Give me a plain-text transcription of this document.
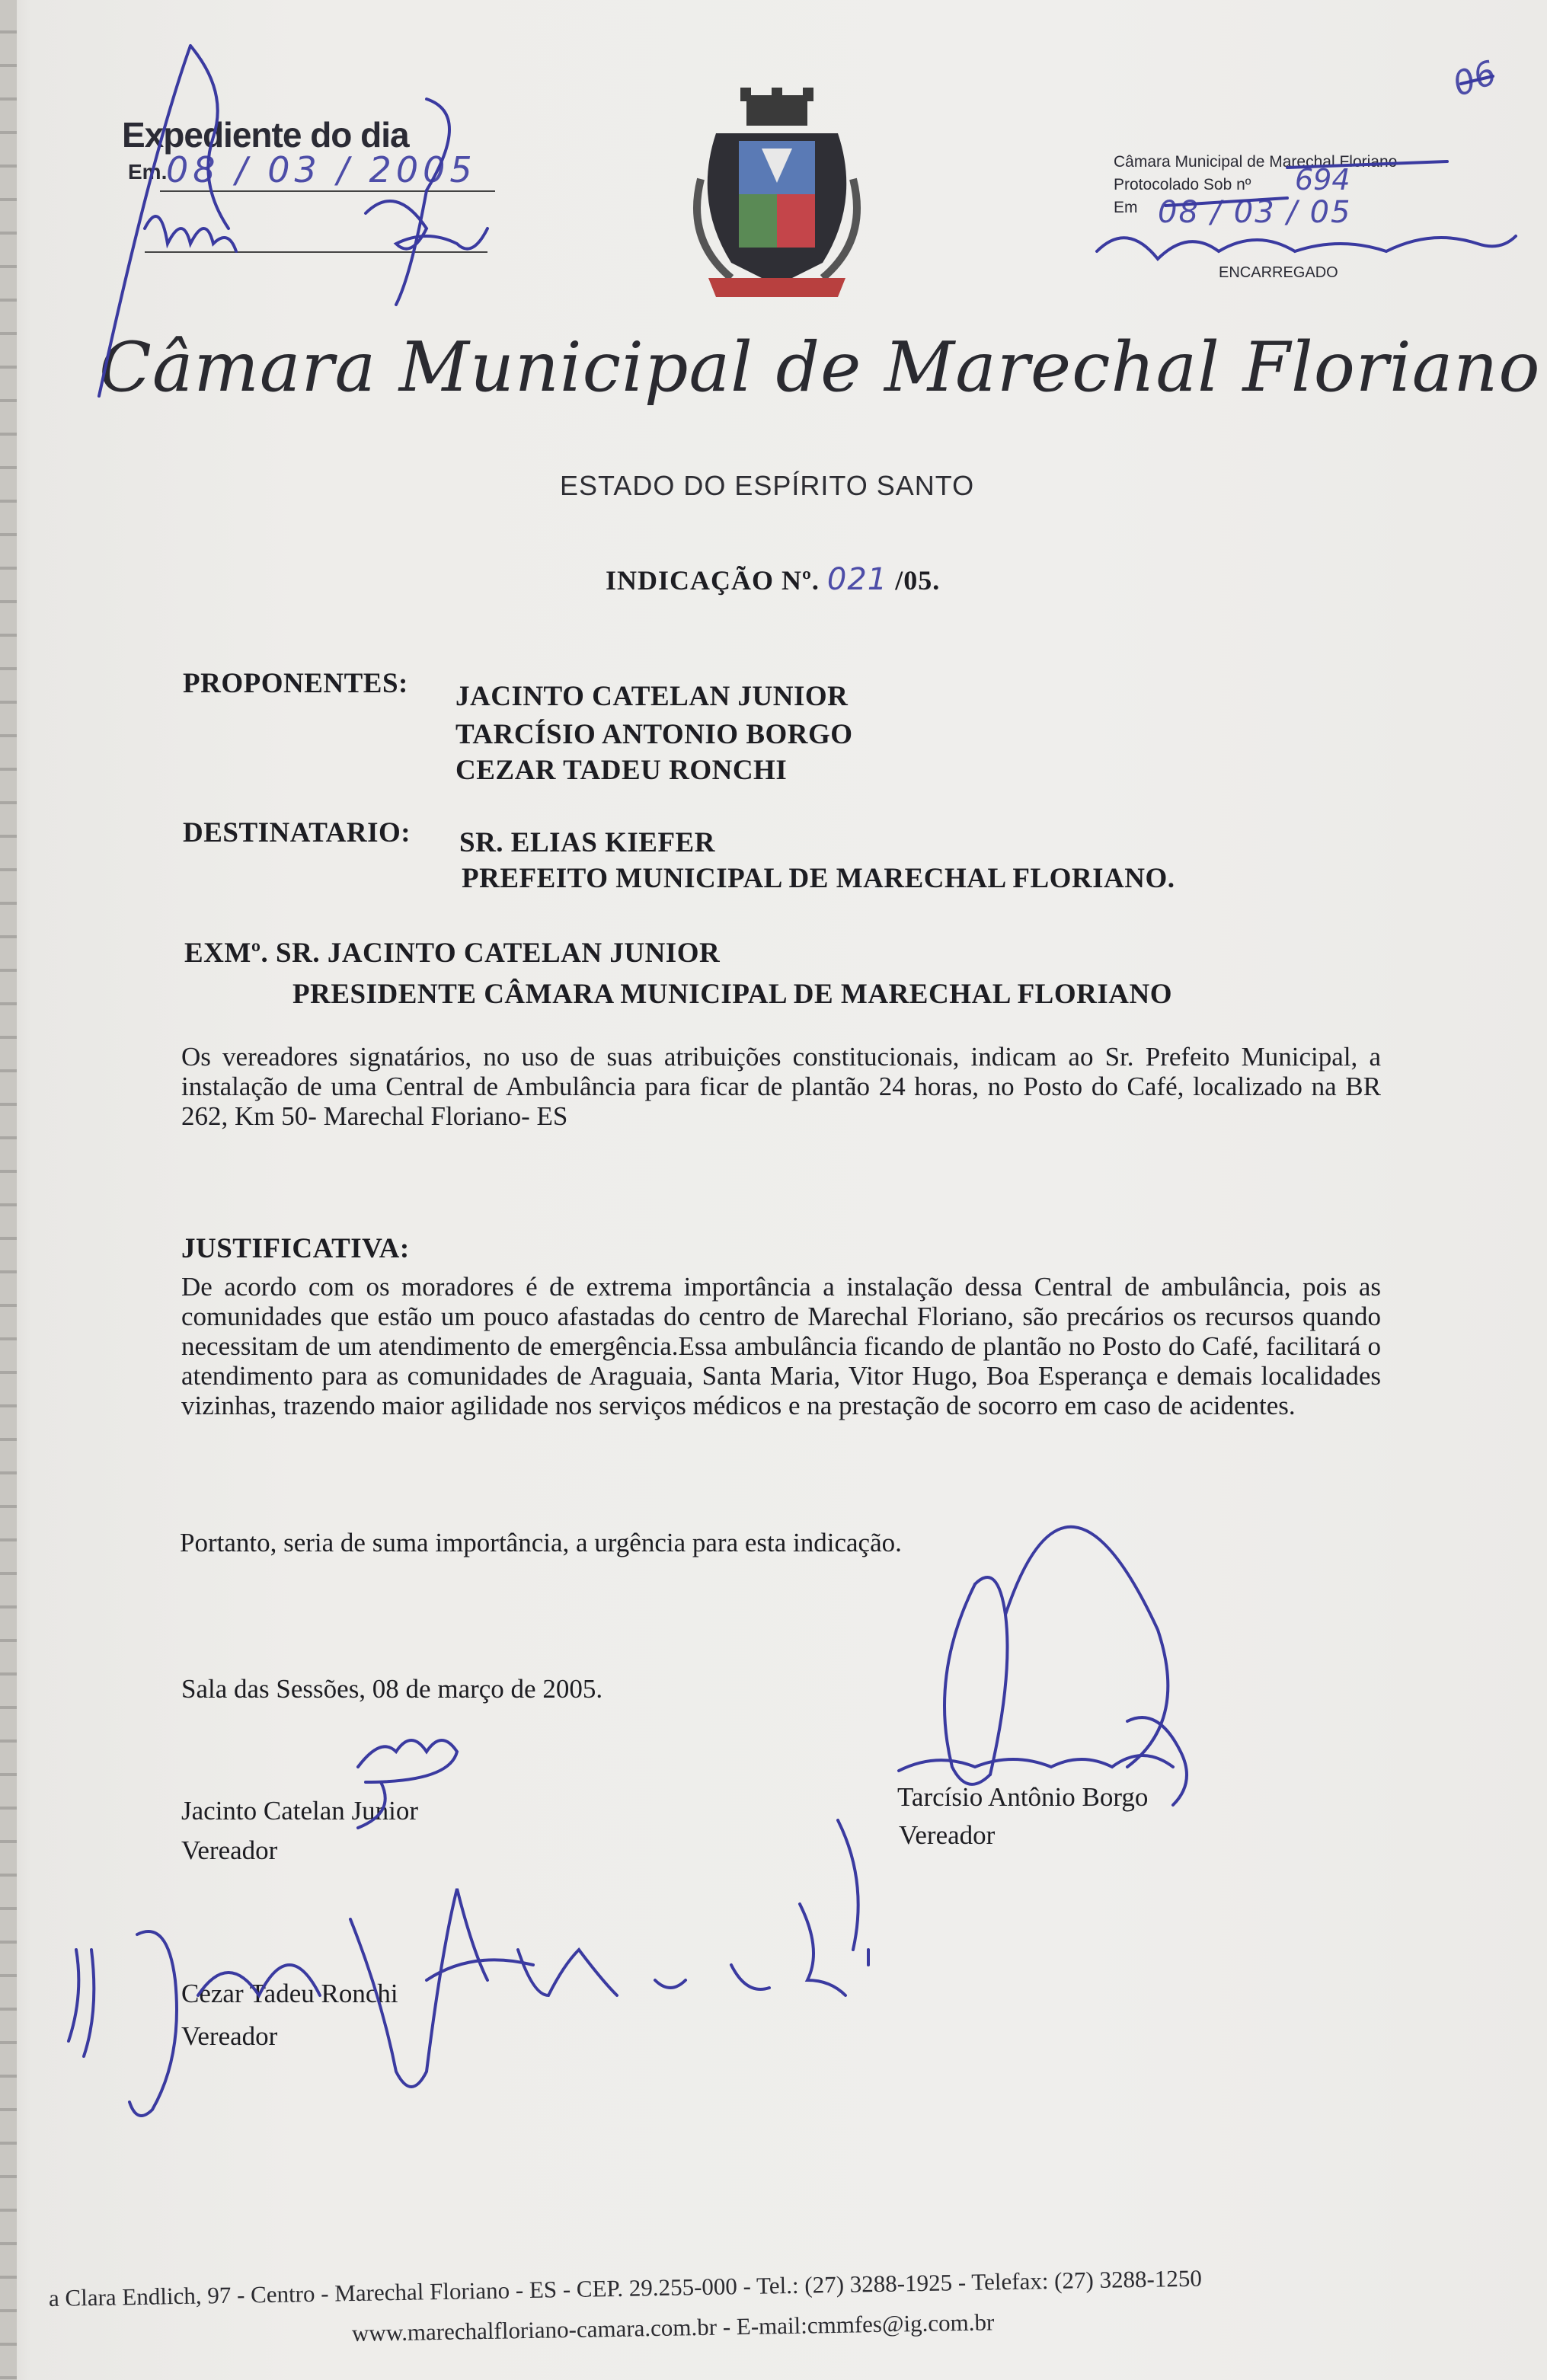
Expediente do dia
Em.
08 / 03 / 2005
06
Câmara Municipal de Marechal Floriano
Protocolado Sob nº
Em
694
08 / 03 / 05
ENCARREGADO
Câmara Municipal de Marechal Floriano
ESTADO DO ESPÍRITO SANTO
INDICAÇÃO Nº. 021 /05.
PROPONENTES: JACINTO CATELAN JUNIOR
TARCÍSIO ANTONIO BORGO
CEZAR TADEU RONCHI
DESTINATARIO: SR. ELIAS KIEFER
PREFEITO MUNICIPAL DE MARECHAL FLORIANO.
EXMº. SR. JACINTO CATELAN JUNIOR
PRESIDENTE CÂMARA MUNICIPAL DE MARECHAL FLORIANO
Os vereadores signatários, no uso de suas atribuições constitucionais, indicam ao Sr. Prefeito Municipal, a instalação de uma Central de Ambulância para ficar de plantão 24 horas, no Posto do Café, localizado na BR 262, Km 50- Marechal Floriano- ES
JUSTIFICATIVA:
De acordo com os moradores é de extrema importância a instalação dessa Central de ambulância, pois as comunidades que estão um pouco afastadas do centro de Marechal Floriano, são precários os recursos quando necessitam de um atendimento de emergência.Essa ambulância ficando de plantão no Posto do Café, facilitará o atendimento para as comunidades de Araguaia, Santa Maria, Vitor Hugo, Boa Esperança e demais localidades vizinhas, trazendo maior agilidade nos serviços médicos e na prestação de socorro em caso de acidentes.
Portanto, seria de suma importância, a urgência para esta indicação.
Sala das Sessões, 08 de março de 2005.
Jacinto Catelan Junior
Vereador
Tarcísio Antônio Borgo
Vereador
Cezar Tadeu Ronchi
Vereador
a Clara Endlich, 97 - Centro - Marechal Floriano - ES - CEP. 29.255-000 - Tel.: (27) 3288-1925 - Telefax: (27) 3288-1250
www.marechalfloriano-camara.com.br - E-mail:cmmfes@ig.com.br
